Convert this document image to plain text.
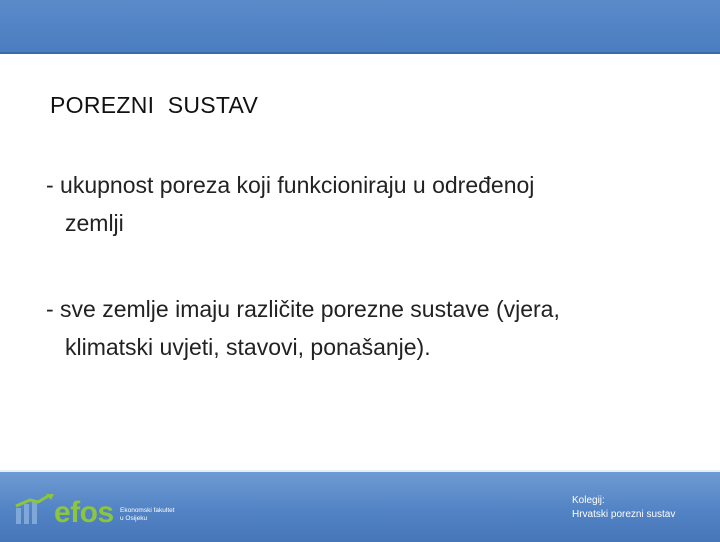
POREZNI  SUSTAV
- ukupnost poreza koji funkcioniraju u određenoj
zemlji
- sve zemlje imaju različite porezne sustave (vjera,
klimatski uvjeti, stavovi, ponašanje).
efos Ekonomski fakultet
u Osijeku
Kolegij:
Hrvatski porezni sustav
